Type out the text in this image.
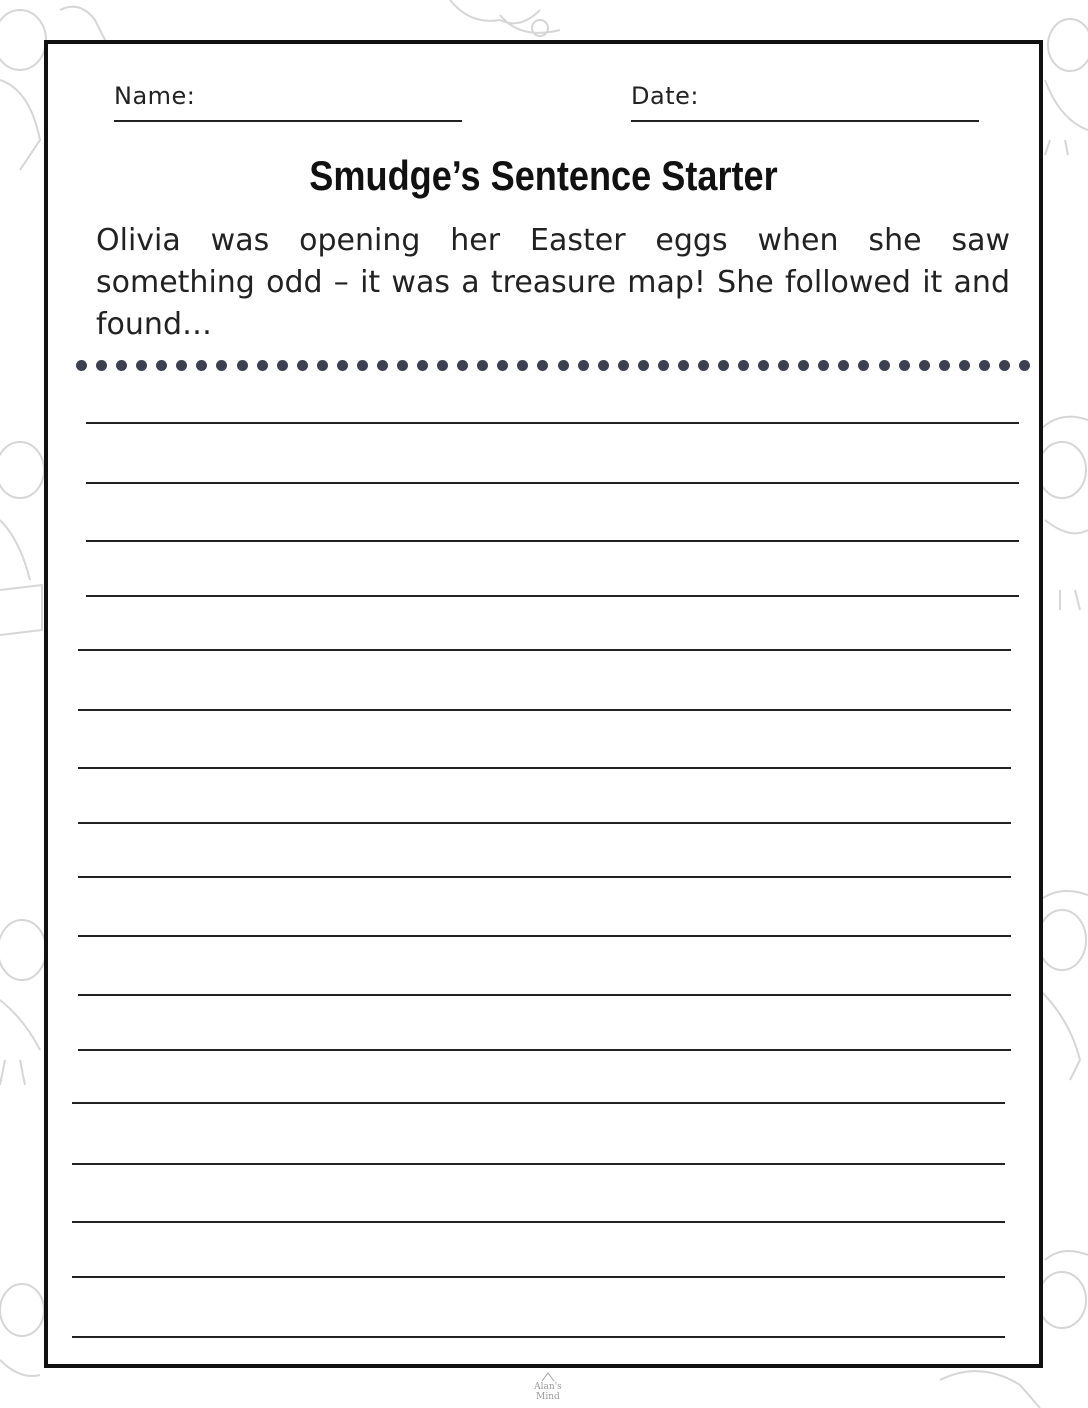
Name:	Date:
Smudge’s Sentence Starter
Olivia was opening her Easter eggs when she saw something odd – it was a treasure map! She followed it and found…
Alan's Mind
